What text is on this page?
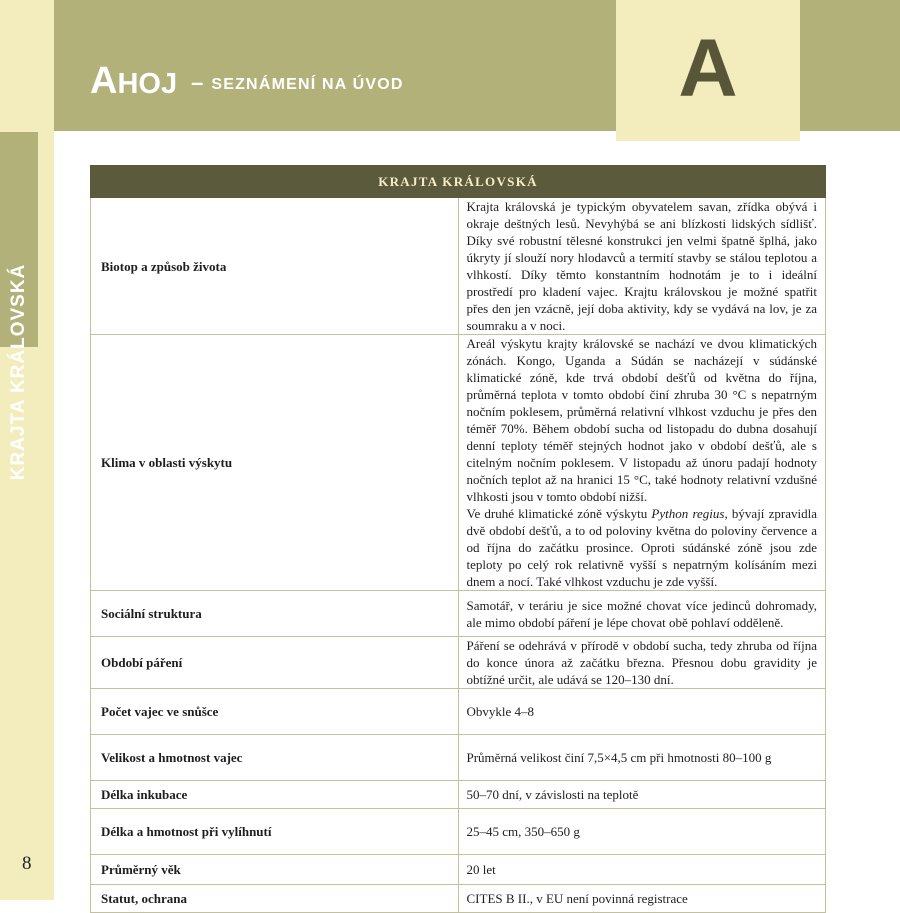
KRAJTA KRÁLOVSKÁ
AHOJ – SEZNÁMENÍ NA ÚVOD	A
KRAJTA KRÁLOVSKÁ	
Biotop a způsob života	Krajta královská je typickým obyvatelem savan, zřídka obývá i okraje deštných lesů. Nevyhýbá se ani blízkosti lidských sídlišť. Díky své robustní tělesné konstrukci jen velmi špatně šplhá, jako úkryty jí slouží nory hlodavců a termití stavby se stálou teplotou a vlhkostí. Díky těmto konstantním hodnotám je to i ideální prostředí pro kladení vajec. Krajtu královskou je možné spatřit přes den jen vzácně, její doba aktivity, kdy se vydává na lov, je za soumraku a v noci.

Klima v oblasti výskytu	Areál výskytu krajty královské se nachází ve dvou klimatických zónách. Kongo, Uganda a Súdán se nacházejí v súdánské klimatické zóně, kde trvá období dešťů od května do října, průměrná teplota v tomto období činí zhruba 30 °C s nepatrným nočním poklesem, průměrná relativní vlhkost vzduchu je přes den téměř 70%. Během období sucha od listopadu do dubna dosahují denní teploty téměř stejných hodnot jako v období dešťů, ale s citelným nočním poklesem. V listopadu až únoru padají hodnoty nočních teplot až na hranici 15 °C, také hodnoty relativní vzdušné vlhkosti jsou v tomto období nižší.

Ve druhé klimatické zóně výskytu Python regius, bývají zpravidla dvě období dešťů, a to od poloviny května do poloviny července a od října do začátku prosince. Oproti súdánské zóně jsou zde teploty po celý rok relativně vyšší s nepatrným kolísáním mezi dnem a nocí. Také vlhkost vzduchu je zde vyšší.

Sociální struktura	Samotář, v teráriu je sice možné chovat více jedinců dohromady, ale mimo období páření je lépe chovat obě pohlaví odděleně.

Období páření	Páření se odehrává v přírodě v období sucha, tedy zhruba od října do konce února až začátku března. Přesnou dobu gravidity je obtížné určit, ale udává se 120–130 dní.

Počet vajec ve snůšce	Obvykle 4–8

Velikost a hmotnost vajec	Průměrná velikost činí 7,5×4,5 cm při hmotnosti 80–100 g

Délka inkubace	50–70 dní, v závislosti na teplotě

Délka a hmotnost při vylíhnutí	25–45 cm, 350–650 g

Průměrný věk	20 let

Statut, ochrana	CITES B II., v EU není povinná registrace

8
